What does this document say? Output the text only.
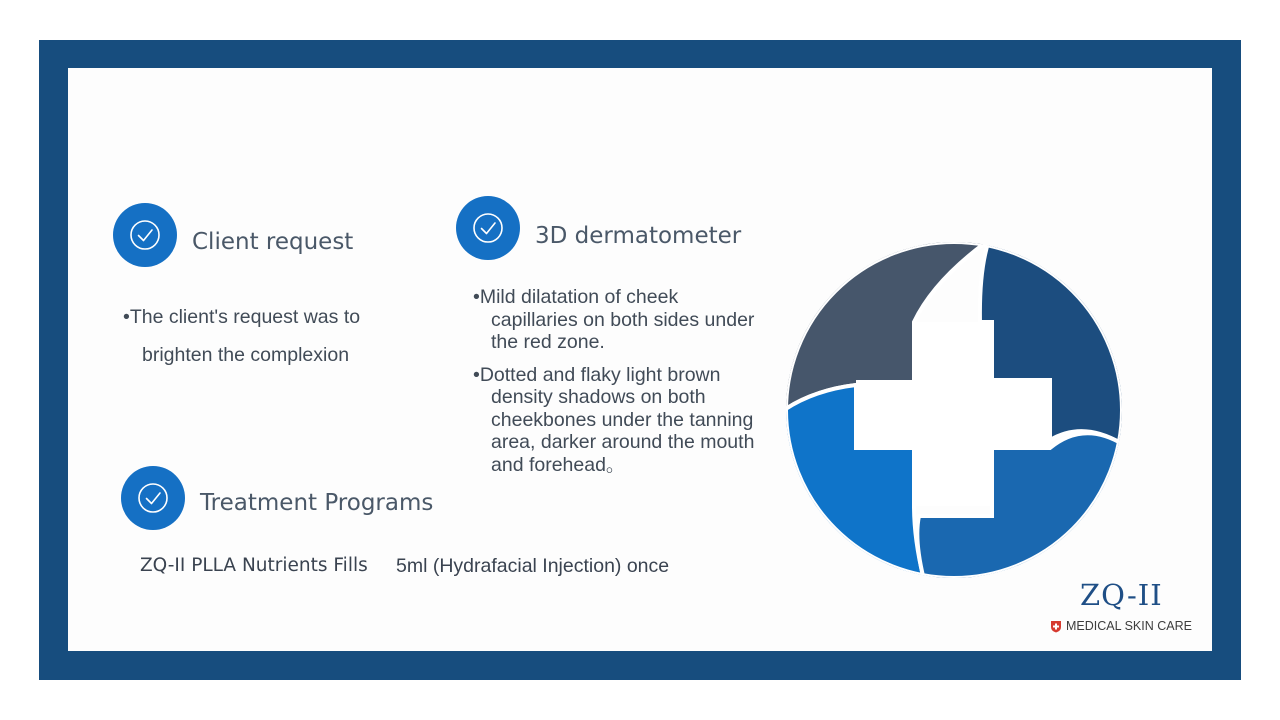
Client request
•The client's request was to
brighten the complexion
3D dermatometer
•Mild dilatation of cheek
capillaries on both sides under
the red zone.
•Dotted and flaky light brown
density shadows on both
cheekbones under the tanning
area, darker around the mouth
and forehead。
Treatment Programs
ZQ-II PLLA Nutrients Fills 5ml (Hydrafacial Injection) once
ZQ-II
MEDICAL SKIN CARE
